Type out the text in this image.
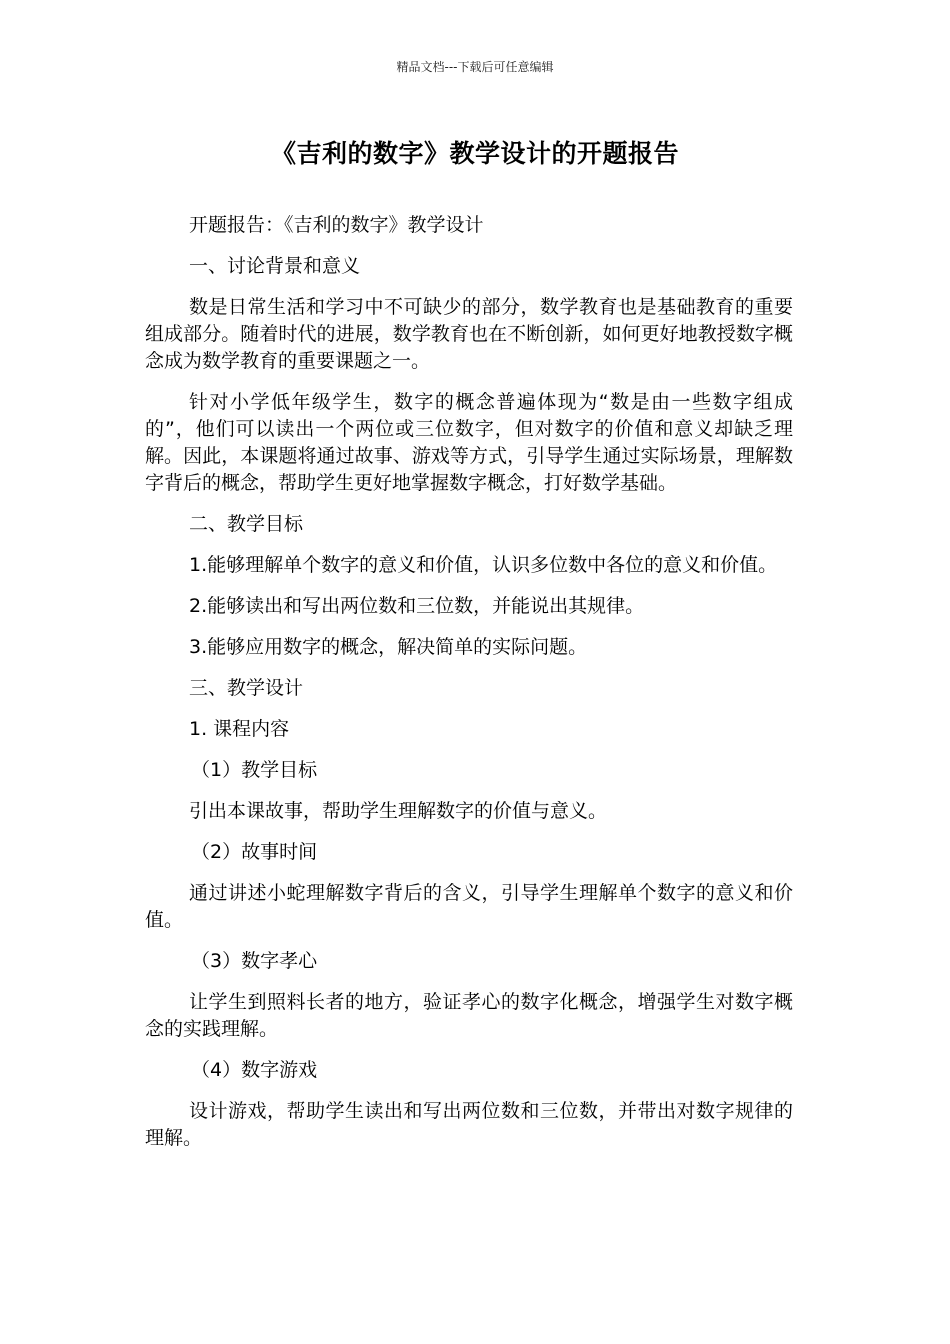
精品文档---下载后可任意编辑
《吉利的数字》教学设计的开题报告

开题报告：《吉利的数字》教学设计

一、讨论背景和意义

数是日常生活和学习中不可缺少的部分，数学教育也是基础教育的重要组成部分。随着时代的进展，数学教育也在不断创新，如何更好地教授数字概念成为数学教育的重要课题之一。

针对小学低年级学生，数字的概念普遍体现为“数是由一些数字组成的”，他们可以读出一个两位或三位数字，但对数字的价值和意义却缺乏理解。因此，本课题将通过故事、游戏等方式，引导学生通过实际场景，理解数字背后的概念，帮助学生更好地掌握数字概念，打好数学基础。

二、教学目标

1.能够理解单个数字的意义和价值，认识多位数中各位的意义和价值。

2.能够读出和写出两位数和三位数，并能说出其规律。

3.能够应用数字的概念，解决简单的实际问题。

三、教学设计

1. 课程内容

（1）教学目标

引出本课故事，帮助学生理解数字的价值与意义。

（2）故事时间

通过讲述小蛇理解数字背后的含义，引导学生理解单个数字的意义和价值。

（3）数字孝心

让学生到照料长者的地方，验证孝心的数字化概念，增强学生对数字概念的实践理解。

（4）数字游戏

设计游戏，帮助学生读出和写出两位数和三位数，并带出对数字规律的理解。
